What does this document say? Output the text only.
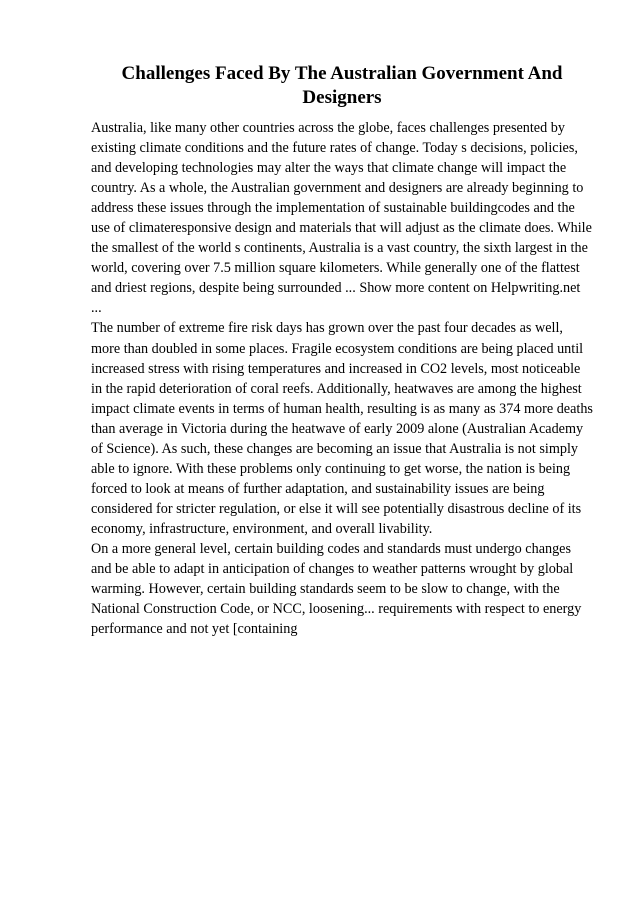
Challenges Faced By The Australian Government And Designers

Australia, like many other countries across the globe, faces challenges presented by existing climate conditions and the future rates of change. Today s decisions, policies, and developing technologies may alter the ways that climate change will impact the country. As a whole, the Australian government and designers are already beginning to address these issues through the implementation of sustainable buildingcodes and the use of climateresponsive design and materials that will adjust as the climate does. While the smallest of the world s continents, Australia is a vast country, the sixth largest in the world, covering over 7.5 million square kilometers. While generally one of the flattest and driest regions, despite being surrounded ... Show more content on Helpwriting.net ...

The number of extreme fire risk days has grown over the past four decades as well, more than doubled in some places. Fragile ecosystem conditions are being placed until increased stress with rising temperatures and increased in CO2 levels, most noticeable in the rapid deterioration of coral reefs. Additionally, heatwaves are among the highest impact climate events in terms of human health, resulting is as many as 374 more deaths than average in Victoria during the heatwave of early 2009 alone (Australian Academy of Science). As such, these changes are becoming an issue that Australia is not simply able to ignore. With these problems only continuing to get worse, the nation is being forced to look at means of further adaptation, and sustainability issues are being considered for stricter regulation, or else it will see potentially disastrous decline of its economy, infrastructure, environment, and overall livability.

On a more general level, certain building codes and standards must undergo changes and be able to adapt in anticipation of changes to weather patterns wrought by global warming. However, certain building standards seem to be slow to change, with the National Construction Code, or NCC, loosening... requirements with respect to energy performance and not yet [containing
